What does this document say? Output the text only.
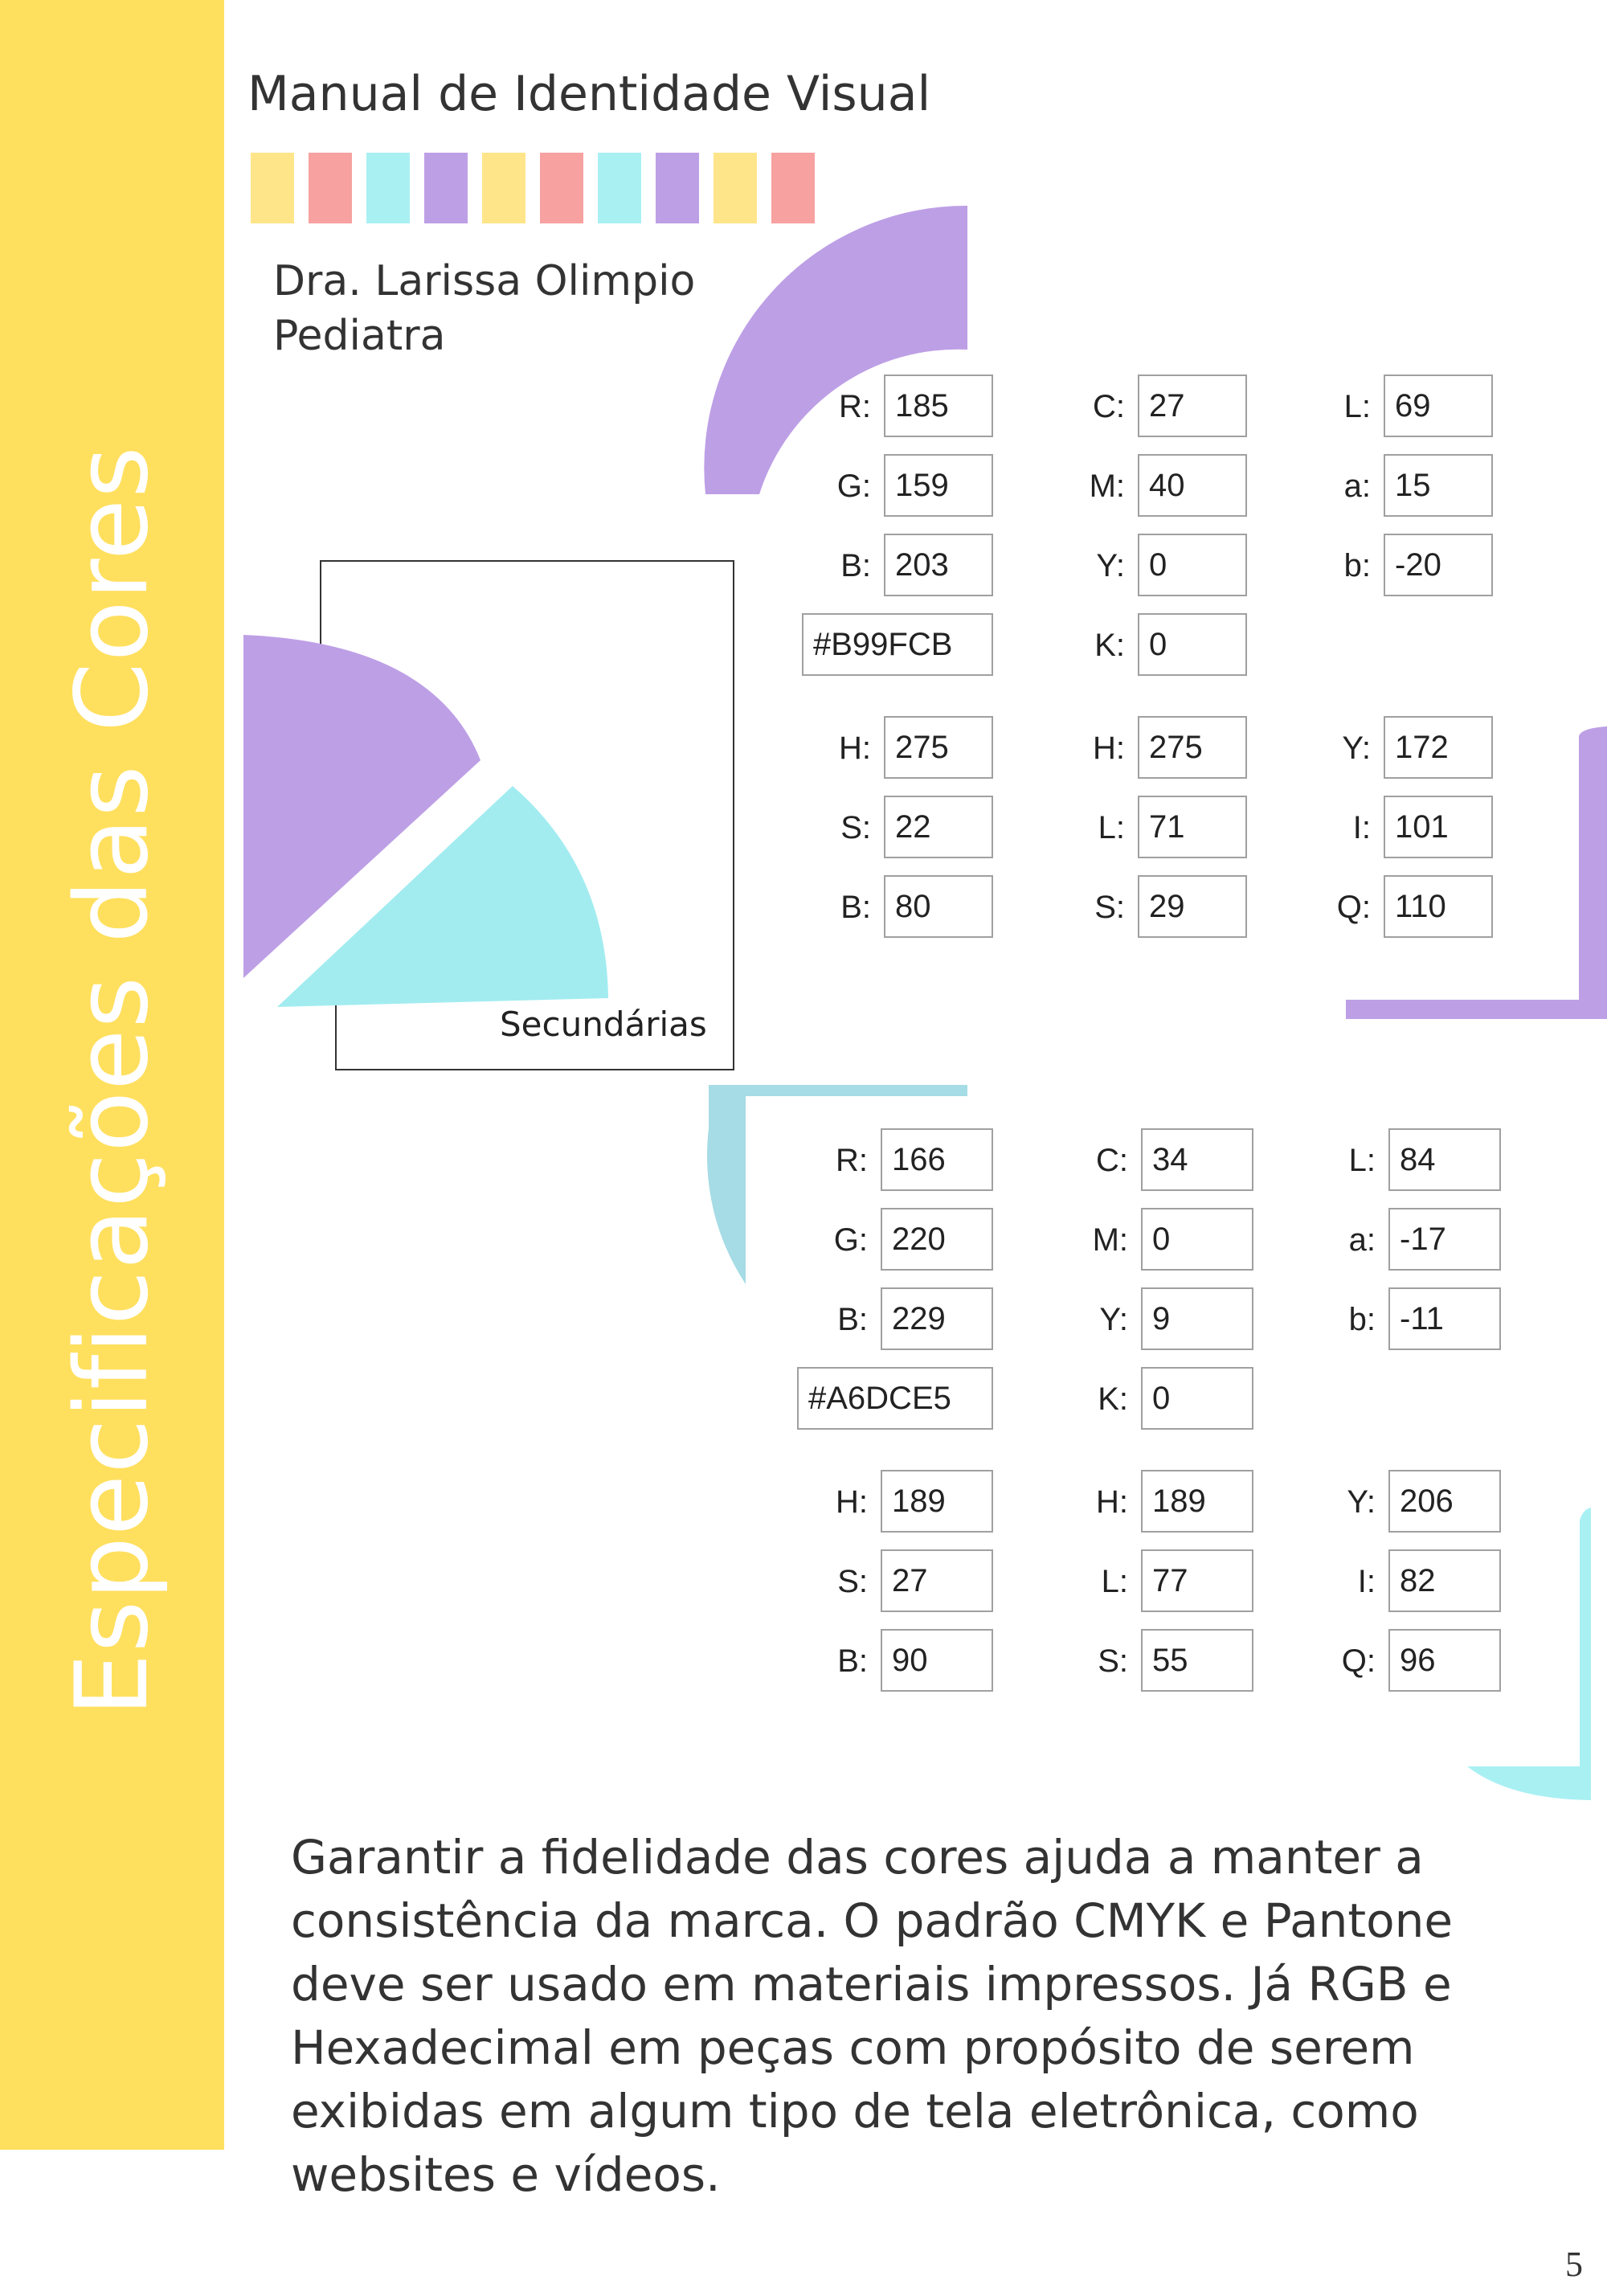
Especificações das Cores
Manual de Identidade Visual
Dra. Larissa Olimpio
Pediatra
Secundárias
R: 185
G: 159
B: 203
C: 27
M: 40
Y: 0
K: 0
L: 69
a: 15
b: -20
H: 275
S: 22
B: 80
H: 275
L: 71
S: 29
Y: 172
I: 101
Q: 110
#B99FCB
R: 166
G: 220
B: 229
C: 34
M: 0
Y: 9
K: 0
L: 84
a: -17
b: -11
H: 189
S: 27
B: 90
H: 189
L: 77
S: 55
Y: 206
I: 82
Q: 96
#A6DCE5
Garantir a fidelidade das cores ajuda a manter a consistência da marca. O padrão CMYK e Pantone deve ser usado em materiais impressos. Já RGB e Hexadecimal em peças com propósito de serem exibidas em algum tipo de tela eletrônica, como websites e vídeos.
5
